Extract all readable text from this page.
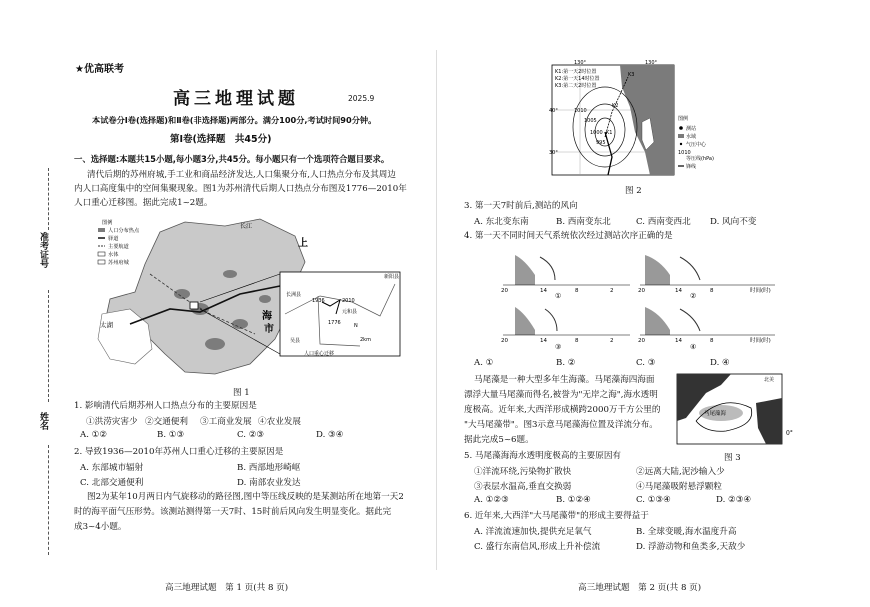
准考证号
姓名
★优高联考
高三地理试题	2025.9
本试卷分Ⅰ卷(选择题)和Ⅱ卷(非选择题)两部分。满分100分,考试时间90分钟。
第Ⅰ卷(选择题　共45分)
一、选择题:本题共15小题,每小题3分,共45分。每小题只有一个选项符合题目要求。
清代后期的苏州府城,手工业和商品经济发达,人口集聚分布,人口热点分布及其周边
内人口高度集中的空间集聚现象。图1为苏州清代后期人口热点分布图及1776—2010年
人口重心迁移图。据此完成1~2题。
图例
人口分布热点
驿道
主要航道
水体
苏州府城
长江
上
海
市
太湖
长洲县
1936	2010
元和县
1776
吴县
新阳县
N
2km
人口重心迁移
图 1
1. 影响清代后期苏州人口热点分布的主要原因是
①洪涝灾害少 ②交通便利 ③工商业发展 ④农业发展
A. ①②	B. ①③	C. ②③	D. ③④
2. 导致1936—2010年苏州人口重心迁移的主要原因是
A. 东部城市辐射	B. 西部地形崎岖
C. 北部交通便利	D. 南部农业发达
图2为某年10月两日内气旋移动的路径图,图中等压线反映的是某测站所在地第一天2
时的海平面气压形势。该测站测得第一天7时、15时前后风向发生明显变化。据此完
成3~4小题。
高三地理试题　第 1 页(共 8 页)
130°	130°
40°
30°
K1:第一天2时位置
K2:第一天14时位置
K3:第二天2时位置
1010
1005
1000
995
K1
K2
K3
图例
测站
水域
气压中心
1010
等压线(hPa)
锋线
图 2
3. 第一天7时前后,测站的风向
A. 东北变东南	B. 西南变东北	C. 西南变西北 D. 风向不变
4. 第一天不同时间天气系统依次经过测站次序正确的是
①	②
③	④
20	14	8	2	20	14	8	时间(时)
20	14	8	2	20	14	8	时间(时)
A. ①	B. ②	C. ③	D. ④
马尾藻是一种大型多年生海藻。马尾藻海四海面
漂浮大量马尾藻而得名,被誉为"无岸之海",海水透明
度极高。近年来,大西洋形成横跨2000万千方公里的
"大马尾藻带"。图3示意马尾藻海位置及洋流分布。
据此完成5~6题。
马尾藻海
北美
0°
图 3
5. 马尾藻海海水透明度极高的主要原因有
①洋流环绕,污染物扩散快	②远离大陆,泥沙输入少
③表层水温高,垂直交换弱	④马尾藻吸附悬浮颗粒
A. ①②③	B. ①②④	C. ①③④	D. ②③④
6. 近年来,大西洋"大马尾藻带"的形成主要得益于
A. 洋流流速加快,提供充足氧气	B. 全球变暖,海水温度升高
C. 盛行东南信风,形成上升补偿流	D. 浮游动物和鱼类多,天敌少
高三地理试题　第 2 页(共 8 页)
